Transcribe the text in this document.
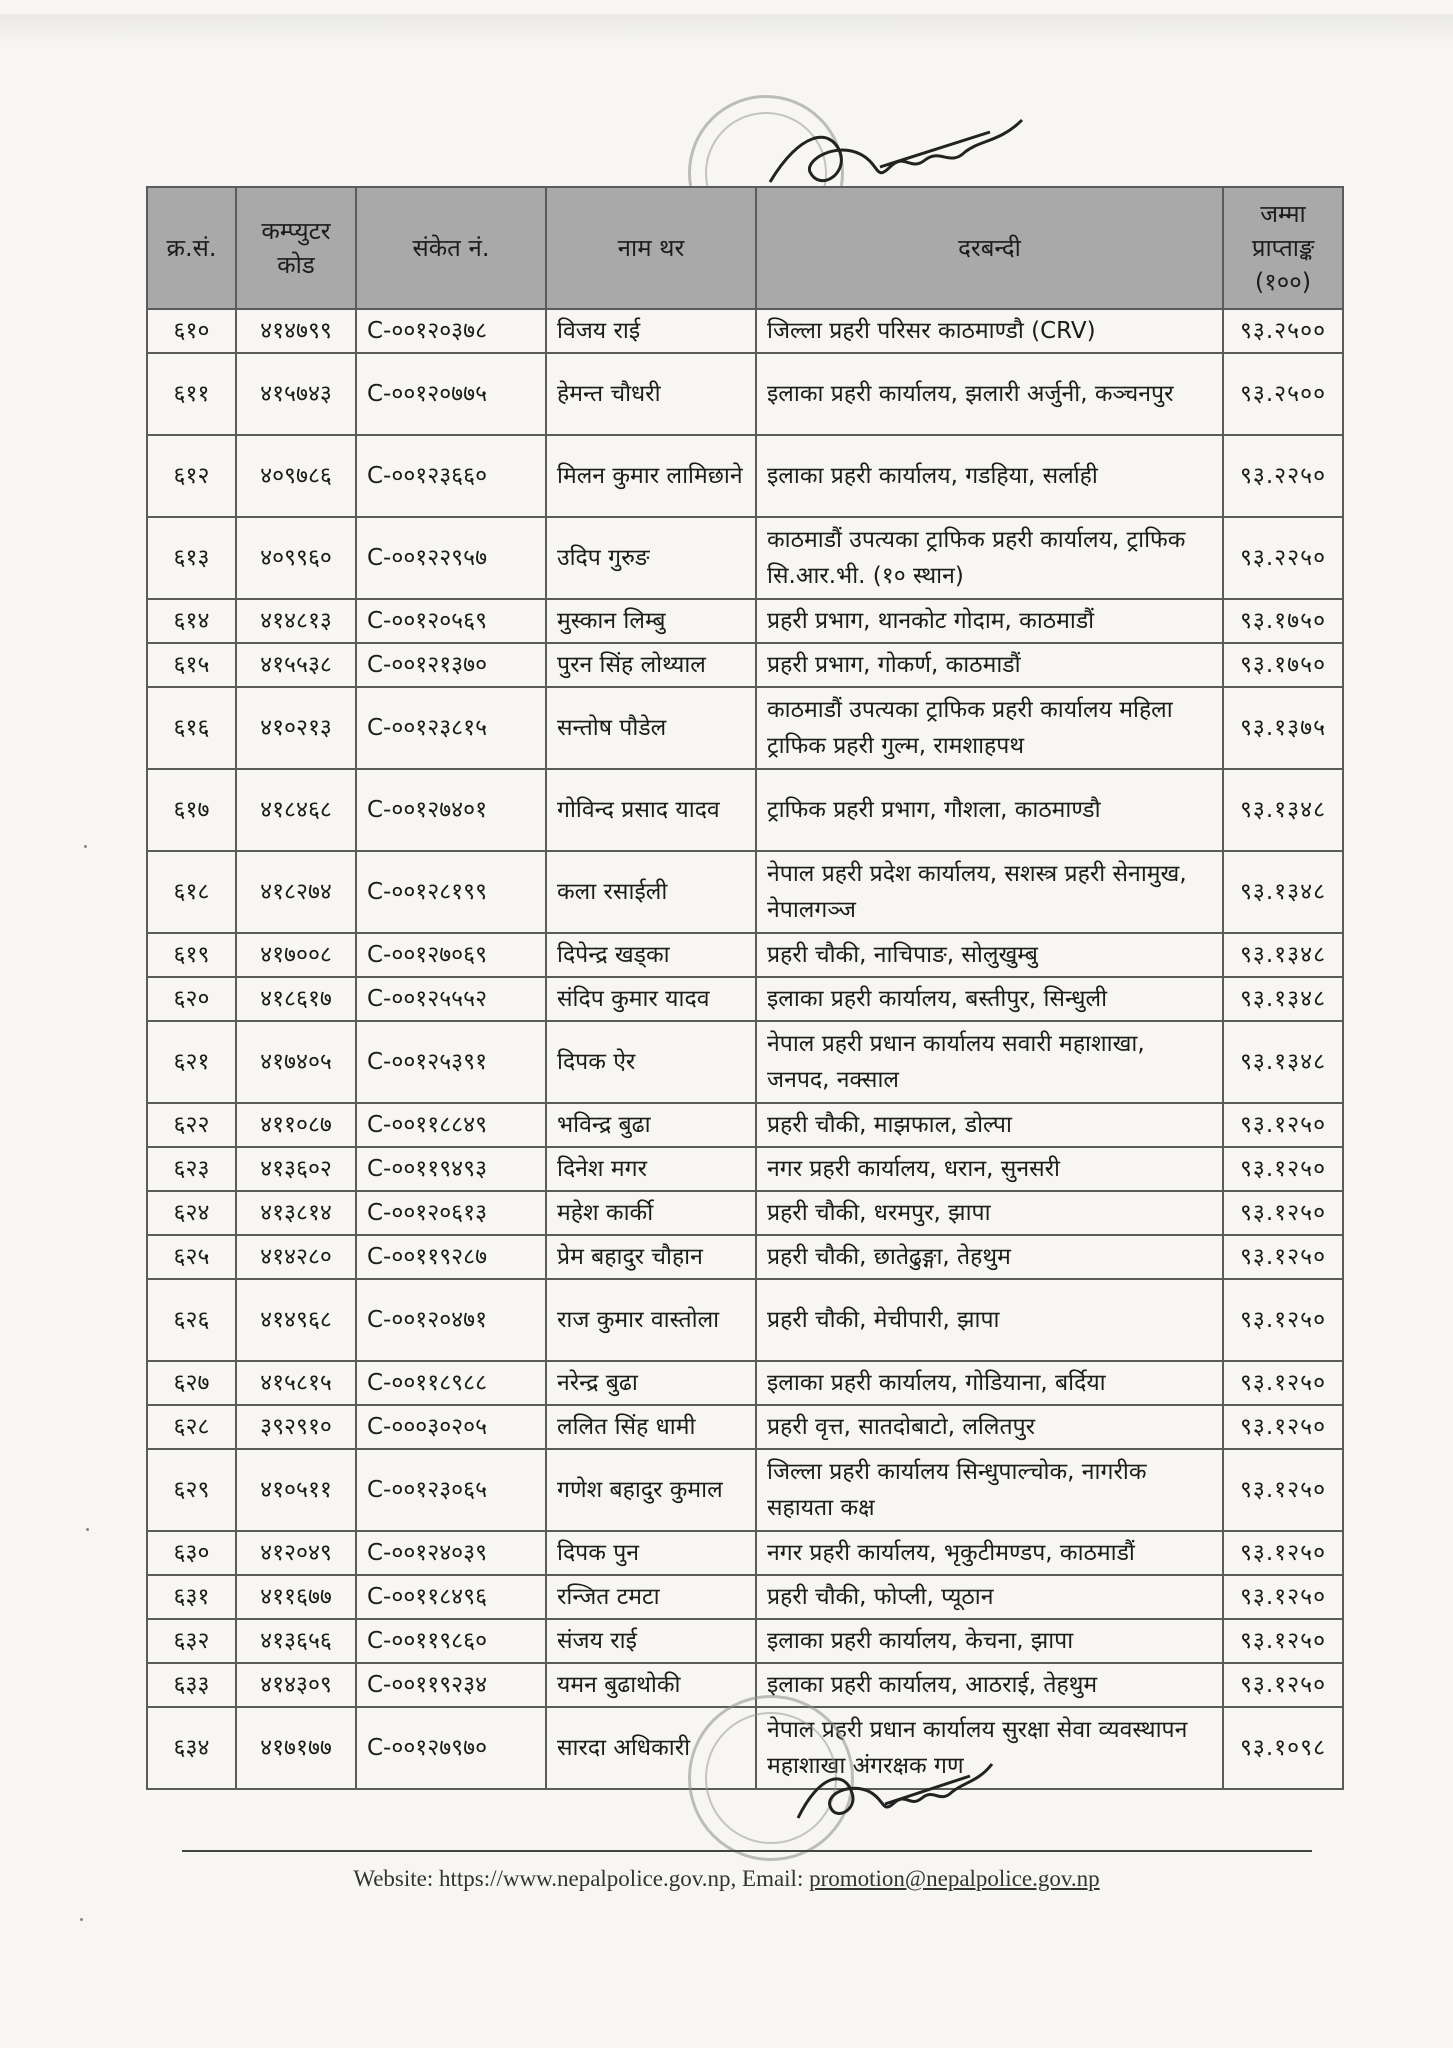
क्र.सं.	कम्प्युटर कोड	संकेत नं.	नाम थर	दरबन्दी	जम्मा प्राप्ताङ्क (१००)
६१०	४१४७९९	C-००१२०३७८	विजय राई	जिल्ला प्रहरी परिसर काठमाण्डौ (CRV)	९३.२५००
६११	४१५७४३	C-००१२०७७५	हेमन्त चौधरी	इलाका प्रहरी कार्यालय, झलारी अर्जुनी, कञ्चनपुर	९३.२५००
६१२	४०९७८६	C-००१२३६६०	मिलन कुमार लामिछाने	इलाका प्रहरी कार्यालय, गडहिया, सर्लाही	९३.२२५०
६१३	४०९९६०	C-००१२२९५७	उदिप गुरुङ	काठमाडौं उपत्यका ट्राफिक प्रहरी कार्यालय, ट्राफिक सि.आर.भी. (१० स्थान)	९३.२२५०
६१४	४१४८१३	C-००१२०५६९	मुस्कान लिम्बु	प्रहरी प्रभाग, थानकोट गोदाम, काठमाडौं	९३.१७५०
६१५	४१५५३८	C-००१२१३७०	पुरन सिंह लोथ्याल	प्रहरी प्रभाग, गोकर्ण, काठमाडौं	९३.१७५०
६१६	४१०२१३	C-००१२३८१५	सन्तोष पौडेल	काठमाडौं उपत्यका ट्राफिक प्रहरी कार्यालय महिला ट्राफिक प्रहरी गुल्म, रामशाहपथ	९३.१३७५
६१७	४१८४६८	C-००१२७४०१	गोविन्द प्रसाद यादव	ट्राफिक प्रहरी प्रभाग, गौशला, काठमाण्डौ	९३.१३४८
६१८	४१८२७४	C-००१२८१९९	कला रसाईली	नेपाल प्रहरी प्रदेश कार्यालय, सशस्त्र प्रहरी सेनामुख, नेपालगञ्ज	९३.१३४८
६१९	४१७००८	C-००१२७०६९	दिपेन्द्र खड्का	प्रहरी चौकी, नाचिपाङ, सोलुखुम्बु	९३.१३४८
६२०	४१८६१७	C-००१२५५५२	संदिप कुमार यादव	इलाका प्रहरी कार्यालय, बस्तीपुर, सिन्धुली	९३.१३४८
६२१	४१७४०५	C-००१२५३९१	दिपक ऐर	नेपाल प्रहरी प्रधान कार्यालय सवारी महाशाखा, जनपद, नक्साल	९३.१३४८
६२२	४११०८७	C-००११८८४९	भविन्द्र बुढा	प्रहरी चौकी, माझफाल, डोल्पा	९३.१२५०
६२३	४१३६०२	C-००११९४९३	दिनेश मगर	नगर प्रहरी कार्यालय, धरान, सुनसरी	९३.१२५०
६२४	४१३८१४	C-००१२०६१३	महेश कार्की	प्रहरी चौकी, धरमपुर, झापा	९३.१२५०
६२५	४१४२८०	C-००११९२८७	प्रेम बहादुर चौहान	प्रहरी चौकी, छातेढुङ्गा, तेहथुम	९३.१२५०
६२६	४१४९६८	C-००१२०४७१	राज कुमार वास्तोला	प्रहरी चौकी, मेचीपारी, झापा	९३.१२५०
६२७	४१५८१५	C-००११८९८८	नरेन्द्र बुढा	इलाका प्रहरी कार्यालय, गोडियाना, बर्दिया	९३.१२५०
६२८	३९२९१०	C-०००३०२०५	ललित सिंह धामी	प्रहरी वृत्त, सातदोबाटो, ललितपुर	९३.१२५०
६२९	४१०५११	C-००१२३०६५	गणेश बहादुर कुमाल	जिल्ला प्रहरी कार्यालय सिन्धुपाल्चोक, नागरीक सहायता कक्ष	९३.१२५०
६३०	४१२०४९	C-००१२४०३९	दिपक पुन	नगर प्रहरी कार्यालय, भृकुटीमण्डप, काठमाडौं	९३.१२५०
६३१	४११६७७	C-००११८४९६	रन्जित टमटा	प्रहरी चौकी, फोप्ली, प्यूठान	९३.१२५०
६३२	४१३६५६	C-००११९८६०	संजय राई	इलाका प्रहरी कार्यालय, केचना, झापा	९३.१२५०
६३३	४१४३०९	C-००११९२३४	यमन बुढाथोकी	इलाका प्रहरी कार्यालय, आठराई, तेहथुम	९३.१२५०
६३४	४१७१७७	C-००१२७९७०	सारदा अधिकारी	नेपाल प्रहरी प्रधान कार्यालय सुरक्षा सेवा व्यवस्थापन महाशाखा अंगरक्षक गण	९३.१०९८
Website: https://www.nepalpolice.gov.np, Email: promotion@nepalpolice.gov.np
